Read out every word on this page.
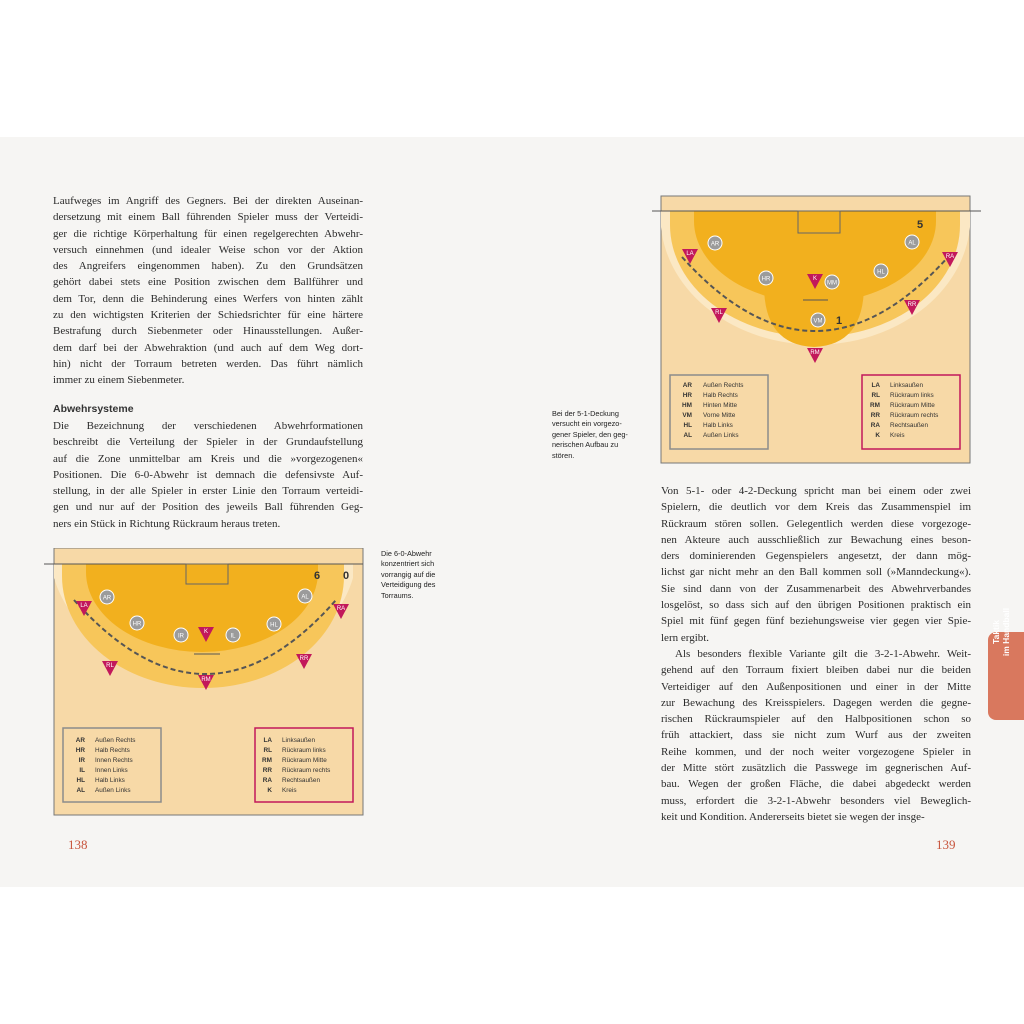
Laufweges im Angriff des Gegners. Bei der direkten Auseinan-
dersetzung mit einem Ball führenden Spieler muss der Verteidi-
ger die richtige Körperhaltung für einen regelgerechten Abwehr-
versuch einnehmen (und idealer Weise schon vor der Aktion
des Angreifers eingenommen haben). Zu den Grundsätzen
gehört dabei stets eine Position zwischen dem Ballführer und
dem Tor, denn die Behinderung eines Werfers von hinten zählt
zu den wichtigsten Kriterien der Schiedsrichter für eine härtere
Bestrafung durch Siebenmeter oder Hinausstellungen. Außer-
dem darf bei der Abwehraktion (und auch auf dem Weg dort-
hin) nicht der Torraum betreten werden. Das führt nämlich
immer zu einem Siebenmeter.
Abwehrsysteme
Die Bezeichnung der verschiedenen Abwehrformationen
beschreibt die Verteilung der Spieler in der Grundaufstellung
auf die Zone unmittelbar am Kreis und die »vorgezogenen«
Positionen. Die 6-0-Abwehr ist demnach die defensivste Auf-
stellung, in der alle Spieler in erster Linie den Torraum verteidi-
gen und nur auf der Position des jeweils Ball führenden Geg-
ners ein Stück in Richtung Rückraum heraus treten.
6 0
AR
HR
IR	IL
HL
AL
LA
RL
K
RM
RR
RA
AR Außen Rechts
HR Halb Rechts
IR Innen Rechts
IL Innen Links
HL Halb Links
AL Außen Links
LA Linksaußen
RL Rückraum links
RM Rückraum Mitte
RR Rückraum rechts
RA Rechtsaußen
K Kreis
Die 6-0-Abwehr
konzentriert sich
vorrangig auf die
Verteidigung des
Torraums.
138
Bei der 5-1-Deckung
versucht ein vorgezo-
gener Spieler, den geg-
nerischen Aufbau zu
stören.
5
1
AR
HR
MM
VM
HL
AL
LA
RL
K
RM
RR
RA
AR Außen Rechts
HR Halb Rechts
HM Hinten Mitte
VM Vorne Mitte
HL Halb Links
AL Außen Links
LA Linksaußen
RL Rückraum links
RM Rückraum Mitte
RR Rückraum rechts
RA Rechtsaußen
K Kreis
Von 5-1- oder 4-2-Deckung spricht man bei einem oder zwei
Spielern, die deutlich vor dem Kreis das Zusammenspiel im
Rückraum stören sollen. Gelegentlich werden diese vorgezoge-
nen Akteure auch ausschließlich zur Bewachung eines beson-
ders dominierenden Gegenspielers angesetzt, der dann mög-
lichst gar nicht mehr an den Ball kommen soll (»Manndeckung«).
Sie sind dann von der Zusammenarbeit des Abwehrverbandes
losgelöst, so dass sich auf den übrigen Positionen praktisch ein
Spiel mit fünf gegen fünf beziehungsweise vier gegen vier Spie-
lern ergibt.
Als besonders flexible Variante gilt die 3-2-1-Abwehr. Weit-
gehend auf den Torraum fixiert bleiben dabei nur die beiden
Verteidiger auf den Außenpositionen und einer in der Mitte
zur Bewachung des Kreisspielers. Dagegen werden die gegne-
rischen Rückraumspieler auf den Halbpositionen schon so
früh attackiert, dass sie nicht zum Wurf aus der zweiten
Reihe kommen, und der noch weiter vorgezogene Spieler in
der Mitte stört zusätzlich die Passwege im gegnerischen Auf-
bau. Wegen der großen Fläche, die dabei abgedeckt werden
muss, erfordert die 3-2-1-Abwehr besonders viel Beweglich-
keit und Kondition. Andererseits bietet sie wegen der insge-
139
Taktik im Handball
